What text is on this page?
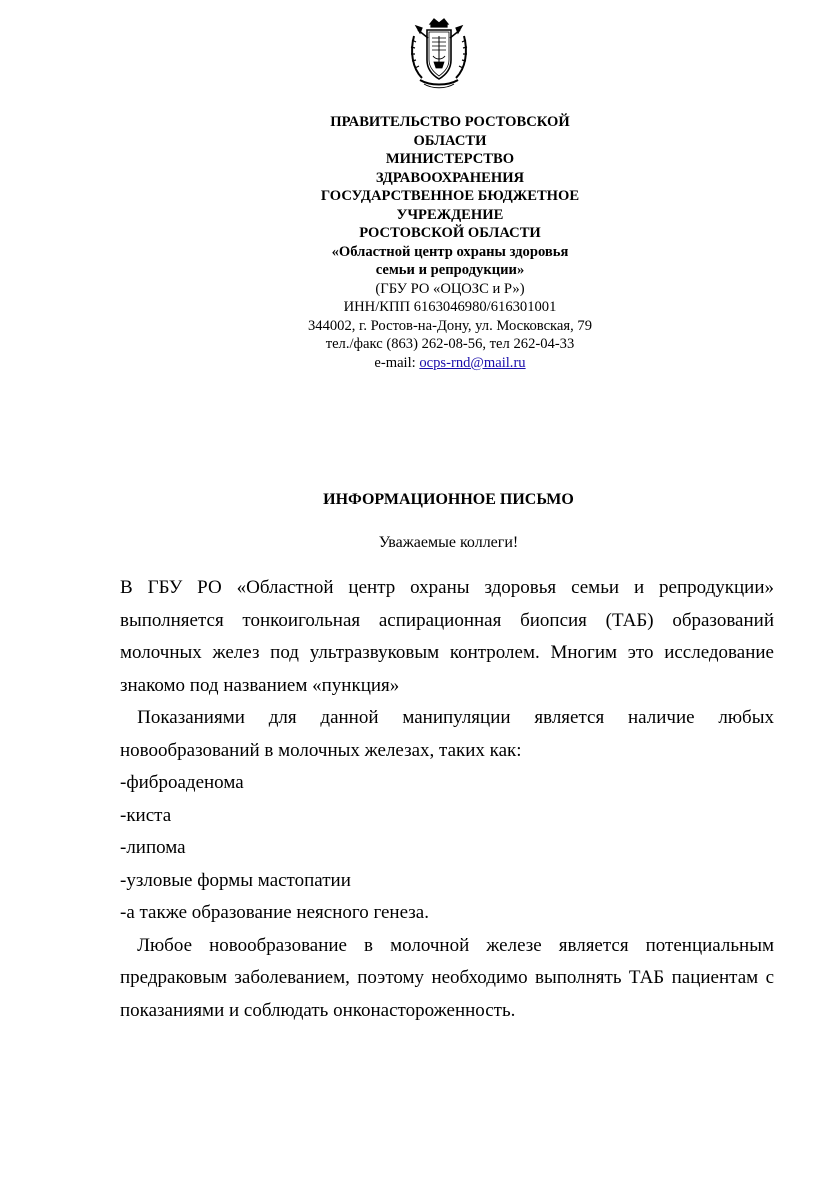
ПРАВИТЕЛЬСТВО РОСТОВСКОЙ
ОБЛАСТИ
МИНИСТЕРСТВО
ЗДРАВООХРАНЕНИЯ
ГОСУДАРСТВЕННОЕ БЮДЖЕТНОЕ
УЧРЕЖДЕНИЕ
РОСТОВСКОЙ ОБЛАСТИ
«Областной центр охраны здоровья
семьи и репродукции»
(ГБУ РО «ОЦОЗС и Р»)
ИНН/КПП 6163046980/616301001
344002, г. Ростов-на-Дону, ул. Московская, 79
тел./факс (863) 262-08-56, тел 262-04-33
e-mail: ocps-rnd@mail.ru
ИНФОРМАЦИОННОЕ ПИСЬМО
Уважаемые коллеги!

В ГБУ РО «Областной центр охраны здоровья семьи и репродукции» выполняется тонкоигольная аспирационная биопсия (ТАБ) образований молочных желез под ультразвуковым контролем. Многим это исследование знакомо под названием «пункция»

Показаниями для данной манипуляции является наличие любых новообразований в молочных железах, таких как:

-фиброаденома
-киста
-липома
-узловые формы мастопатии
-а также образование неясного генеза.

Любое новообразование в молочной железе является потенциальным предраковым заболеванием, поэтому необходимо выполнять ТАБ пациентам с показаниями и соблюдать онконастороженность.
